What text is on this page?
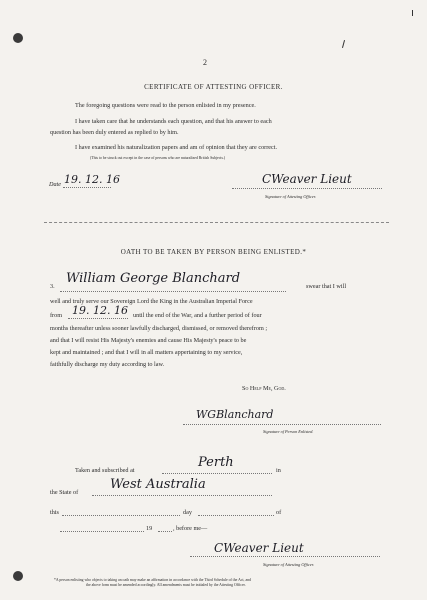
2
CERTIFICATE OF ATTESTING OFFICER.
The foregoing questions were read to the person enlisted in my presence.
I have taken care that he understands each question, and that his answer to each
question has been duly entered as replied to by him.
I have examined his naturalization papers and am of opinion that they are correct.
(This to be struck out except in the case of persons who are naturalized British Subjects.)
Date 19. 12. 16	CWeaver Lieut
Signature of Attesting Officer.
OATH TO BE TAKEN BY PERSON BEING ENLISTED.*
3.
William George Blanchard
swear that I will
well and truly serve our Sovereign Lord the King in the Australian Imperial Force
from 19. 12. 16 until the end of the War, and a further period of four
months thereafter unless sooner lawfully discharged, dismissed, or removed therefrom ;
and that I will resist His Majesty's enemies and cause His Majesty's peace to be
kept and maintained ; and that I will in all matters appertaining to my service,
faithfully discharge my duty according to law.
So Help Me, God.
WGBlanchard
Signature of Person Enlisted.
Taken and subscribed at
Perth
in
the State of
West Australia
this	day	of
19	, before me—
CWeaver Lieut
Signature of Attesting Officer.
*A person enlisting who objects to taking an oath may make an affirmation in accordance with the Third Schedule of the Act, and
the above form must be amended accordingly. All amendments must be initialed by the Attesting Officer.
